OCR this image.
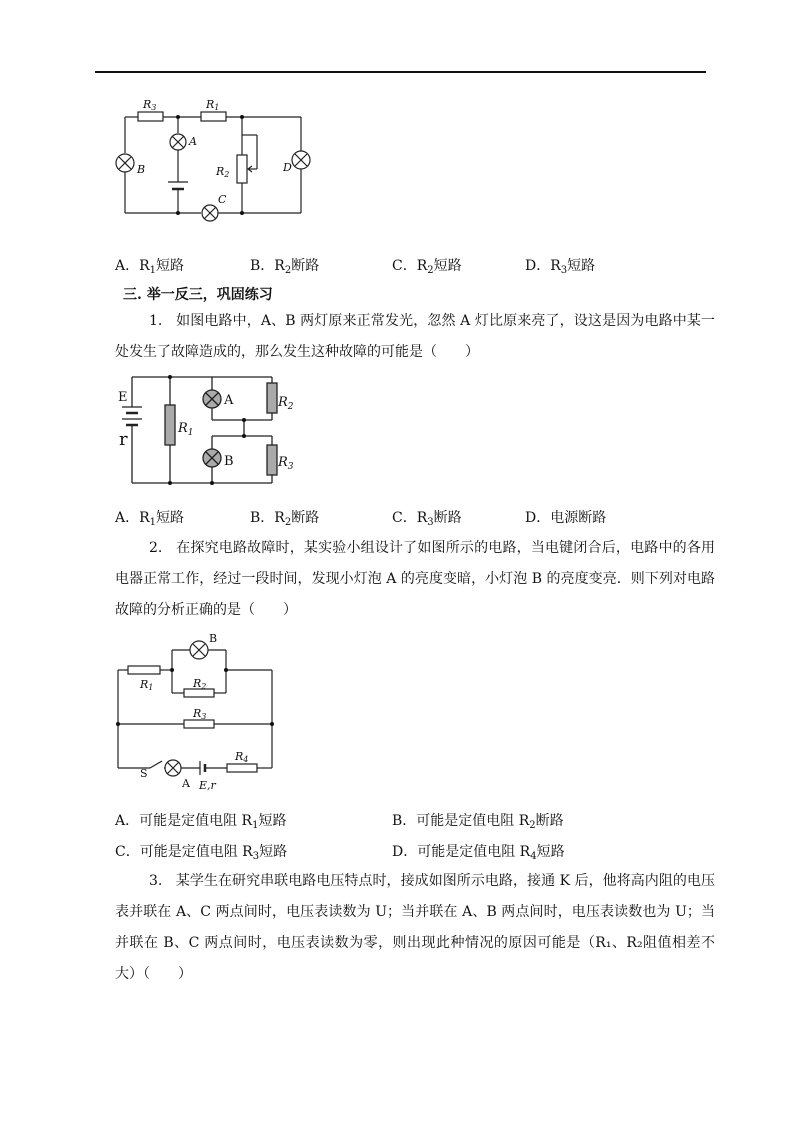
R3	R1
A
B
C
D
R2
A．$R_1$短路	B．$R_2$断路	C．$R_2$短路	D．$R_3$短路
三. 举一反三，巩固练习
1. 如图电路中，A、B 两灯原来正常发光，忽然 A 灯比原来亮了，设这是因为电路中某一处发生了故障造成的，那么发生这种故障的可能是（　　）
E
r
$R_1$
A	$R_2$
B	$R_3$
A．$R_1$短路	B．$R_2$断路	C．$R_3$断路	D．电源断路
2. 在探究电路故障时，某实验小组设计了如图所示的电路，当电键闭合后，电路中的各用电器正常工作，经过一段时间，发现小灯泡 A 的亮度变暗，小灯泡 B 的亮度变亮．则下列对电路故障的分析正确的是（　　）
B
R1	R2
R3
R4
S
A E,r
A．可能是定值电阻 $R_1$短路	B．可能是定值电阻 $R_2$断路
C．可能是定值电阻 $R_3$短路	D．可能是定值电阻 $R_4$短路
3. 某学生在研究串联电路电压特点时，接成如图所示电路，接通 K 后，他将高内阻的电压表并联在 A、C 两点间时，电压表读数为 U；当并联在 A、B 两点间时，电压表读数也为 U；当并联在 B、C 两点间时，电压表读数为零，则出现此种情况的原因可能是（R₁、R₂阻值相差不大）（　　）
